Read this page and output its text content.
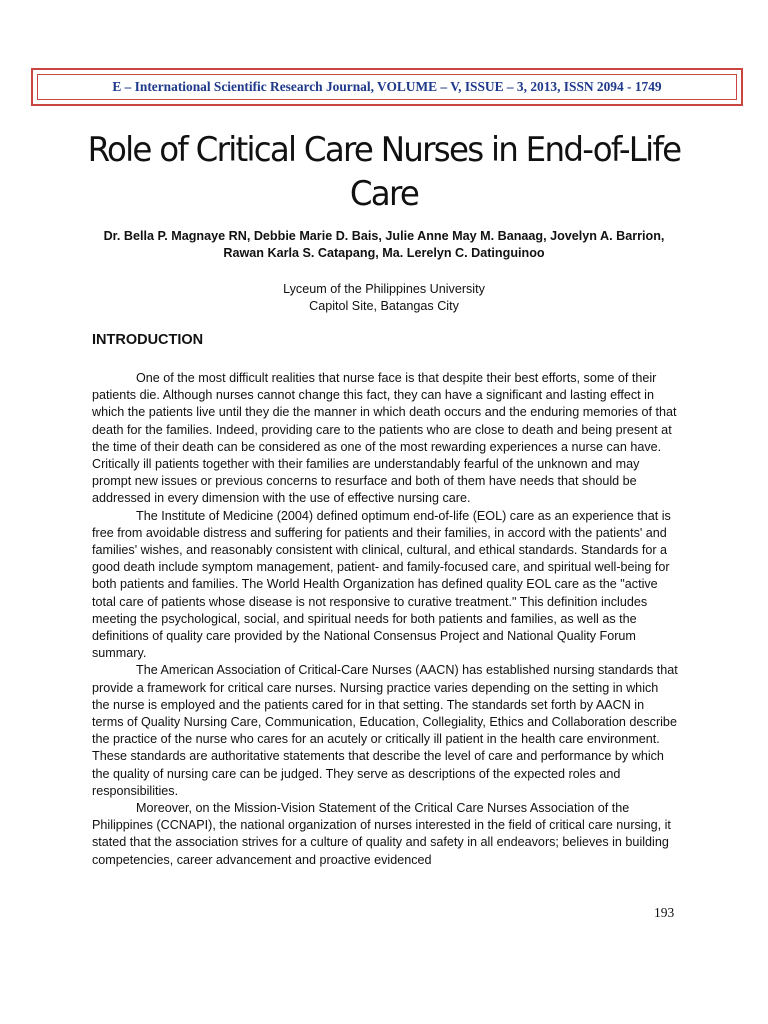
E – International Scientific Research Journal, VOLUME – V, ISSUE – 3, 2013, ISSN 2094 - 1749
Role of Critical Care Nurses in End-of-Life
Care
Dr. Bella P. Magnaye RN, Debbie Marie D. Bais, Julie Anne May M. Banaag, Jovelyn A. Barrion,
Rawan Karla S. Catapang, Ma. Lerelyn C. Datinguinoo
Lyceum of the Philippines University
Capitol Site, Batangas City
INTRODUCTION

One of the most difficult realities that nurse face is that despite their best efforts, some of their patients die. Although nurses cannot change this fact, they can have a significant and lasting effect in which the patients live until they die the manner in which death occurs and the enduring memories of that death for the families. Indeed, providing care to the patients who are close to death and being present at the time of their death can be considered as one of the most rewarding experiences a nurse can have. Critically ill patients together with their families are understandably fearful of the unknown and may prompt new issues or previous concerns to resurface and both of them have needs that should be addressed in every dimension with the use of effective nursing care.

The Institute of Medicine (2004) defined optimum end-of-life (EOL) care as an experience that is free from avoidable distress and suffering for patients and their families, in accord with the patients' and families' wishes, and reasonably consistent with clinical, cultural, and ethical standards. Standards for a good death include symptom management, patient- and family-focused care, and spiritual well-being for both patients and families. The World Health Organization has defined quality EOL care as the "active total care of patients whose disease is not responsive to curative treatment." This definition includes meeting the psychological, social, and spiritual needs for both patients and families, as well as the definitions of quality care provided by the National Consensus Project and National Quality Forum summary.

The American Association of Critical-Care Nurses (AACN) has established nursing standards that provide a framework for critical care nurses. Nursing practice varies depending on the setting in which the nurse is employed and the patients cared for in that setting. The standards set forth by AACN in terms of Quality Nursing Care, Communication, Education, Collegiality, Ethics and Collaboration describe the practice of the nurse who cares for an acutely or critically ill patient in the health care environment. These standards are authoritative statements that describe the level of care and performance by which the quality of nursing care can be judged. They serve as descriptions of the expected roles and responsibilities.

Moreover, on the Mission-Vision Statement of the Critical Care Nurses Association of the Philippines (CCNAPI), the national organization of nurses interested in the field of critical care nursing, it stated that the association strives for a culture of quality and safety in all endeavors; believes in building competencies, career advancement and proactive evidenced

193
